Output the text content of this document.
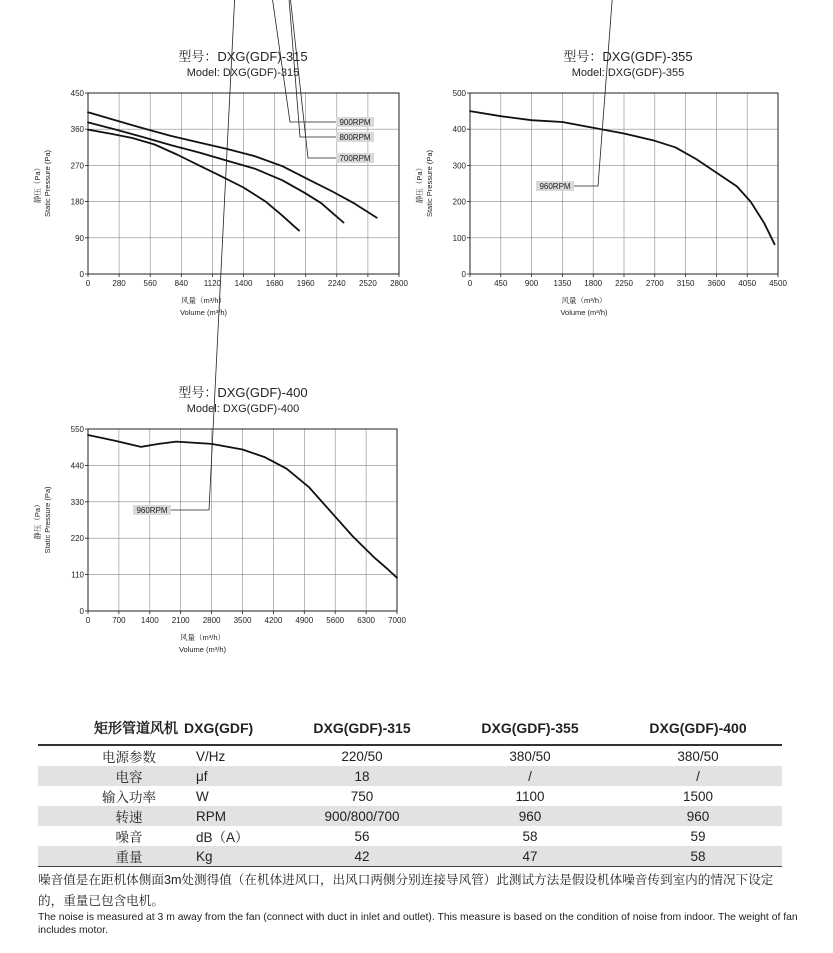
型号：DXG(GDF)-315
Model: DXG(GDF)-315
0	280 560 840 1120 1400 1680 1960 2240 2520 2800
0
90
180
270
360
450
风量（m³/h）
Volume (m³/h)
静压（Pa） Static Pressure (Pa)
900RPM
800RPM
700RPM
型号：DXG(GDF)-355
Model: DXG(GDF)-355
0	450 900 1350 1800 2250 2700 3150 3600 4050 4500
0
100
200
300
400
500
风量（m³/h）
Volume (m³/h)
静压（Pa） Static Pressure (Pa)	960RPM
型号：DXG(GDF)-400
Model: DXG(GDF)-400
0	700 1400 2100 2800 3500 4200 4900 5600 6300 7000
0
110
220
330
440
550
风量（m³/h）
Volume (m³/h)
静压（Pa） Static Pressure (Pa)	960RPM
矩形管道风机	DXG(GDF)	DXG(GDF)-315	DXG(GDF)-355	DXG(GDF)-400
电源参数	V/Hz	220/50	380/50	380/50
电容	μf	18	/	/
输入功率	W	750	1100	1500
转速	RPM	900/800/700	960	960
噪音	dB（A）	56	58	59
重量	Kg	42	47	58
噪音值是在距机体侧面3m处测得值（在机体进风口，出风口两侧分别连接导风管）此测试方法是假设机体噪音传到室内的情况下设定的，重量已包含电机。
The noise is measured at 3 m away from the fan (connect with duct in inlet and outlet). This measure is based on the condition of noise from indoor. The weight of fan includes motor.
